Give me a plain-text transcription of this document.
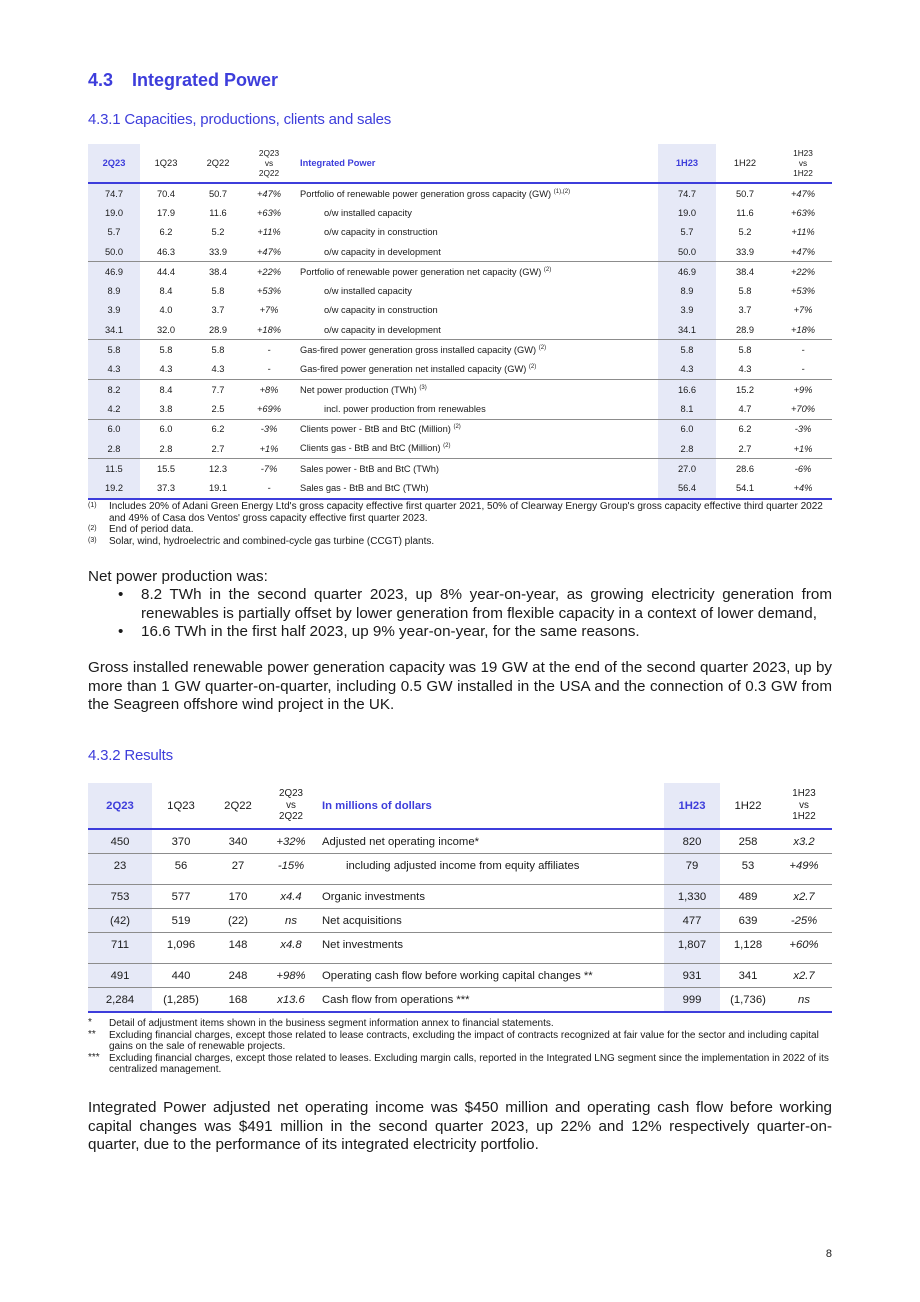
4.3 Integrated Power
4.3.1 Capacities, productions, clients and sales
2Q23	1Q23	2Q22	2Q23
vs
2Q22	Integrated Power	1H23	1H22	1H23
vs
1H22
74.7	70.4	50.7	+47%	Portfolio of renewable power generation gross capacity (GW) $^{(1),(2)}$	74.7	50.7	+47%
19.0	17.9	11.6	+63%	o/w installed capacity	19.0	11.6	+63%
5.7	6.2	5.2	+11%	o/w capacity in construction	5.7	5.2	+11%
50.0	46.3	33.9	+47%	o/w capacity in development	50.0	33.9	+47%
46.9	44.4	38.4	+22%	Portfolio of renewable power generation net capacity (GW) $^{(2)}$	46.9	38.4	+22%
8.9	8.4	5.8	+53%	o/w installed capacity	8.9	5.8	+53%
3.9	4.0	3.7	+7%	o/w capacity in construction	3.9	3.7	+7%
34.1	32.0	28.9	+18%	o/w capacity in development	34.1	28.9	+18%
5.8	5.8	5.8	-	Gas-fired power generation gross installed capacity (GW) $^{(2)}$	5.8	5.8	-
4.3	4.3	4.3	-	Gas-fired power generation net installed capacity (GW) $^{(2)}$	4.3	4.3	-
8.2	8.4	7.7	+8%	Net power production (TWh) $^{(3)}$	16.6	15.2	+9%
4.2	3.8	2.5	+69%	incl. power production from renewables	8.1	4.7	+70%
6.0	6.0	6.2	-3%	Clients power - BtB and BtC (Million) $^{(2)}$	6.0	6.2	-3%
2.8	2.8	2.7	+1%	Clients gas - BtB and BtC (Million) $^{(2)}$	2.8	2.7	+1%
11.5	15.5	12.3	-7%	Sales power - BtB and BtC (TWh)	27.0	28.6	-6%
19.2	37.3	19.1	-	Sales gas - BtB and BtC (TWh)	56.4	54.1	+4%
(1)	Includes 20% of Adani Green Energy Ltd's gross capacity effective first quarter 2021, 50% of Clearway Energy Group's gross capacity effective third quarter 2022 and 49% of Casa dos Ventos' gross capacity effective first quarter 2023.
(2)	End of period data.
(3)	Solar, wind, hydroelectric and combined-cycle gas turbine (CCGT) plants.
Net power production was:
• 8.2 TWh in the second quarter 2023, up 8% year-on-year, as growing electricity generation from renewables is partially offset by lower generation from flexible capacity in a context of lower demand,
• 16.6 TWh in the first half 2023, up 9% year-on-year, for the same reasons.
Gross installed renewable power generation capacity was 19 GW at the end of the second quarter 2023, up by more than 1 GW quarter-on-quarter, including 0.5 GW installed in the USA and the connection of 0.3 GW from the Seagreen offshore wind project in the UK.
4.3.2 Results
2Q23	1Q23	2Q22	2Q23
vs
2Q22	In millions of dollars	1H23	1H22	1H23
vs
1H22
450	370	340	+32%	Adjusted net operating income*	820	258	x3.2
23	56	27	-15%	including adjusted income from equity affiliates	79	53	+49%

753	577	170	x4.4	Organic investments	1,330	489	x2.7
(42)	519	(22)	ns	Net acquisitions	477	639	-25%
711	1,096	148	x4.8	Net investments	1,807	1,128	+60%

491	440	248	+98%	Operating cash flow before working capital changes **	931	341	x2.7
2,284	(1,285)	168	x13.6	Cash flow from operations ***	999	(1,736)	ns
*	Detail of adjustment items shown in the business segment information annex to financial statements.
**	Excluding financial charges, except those related to lease contracts, excluding the impact of contracts recognized at fair value for the sector and including capital gains on the sale of renewable projects.
*** Excluding financial charges, except those related to leases. Excluding margin calls, reported in the Integrated LNG segment since the implementation in 2022 of its centralized management.
Integrated Power adjusted net operating income was $450 million and operating cash flow before working capital changes was $491 million in the second quarter 2023, up 22% and 12% respectively quarter-on-quarter, due to the performance of its integrated electricity portfolio.
8
